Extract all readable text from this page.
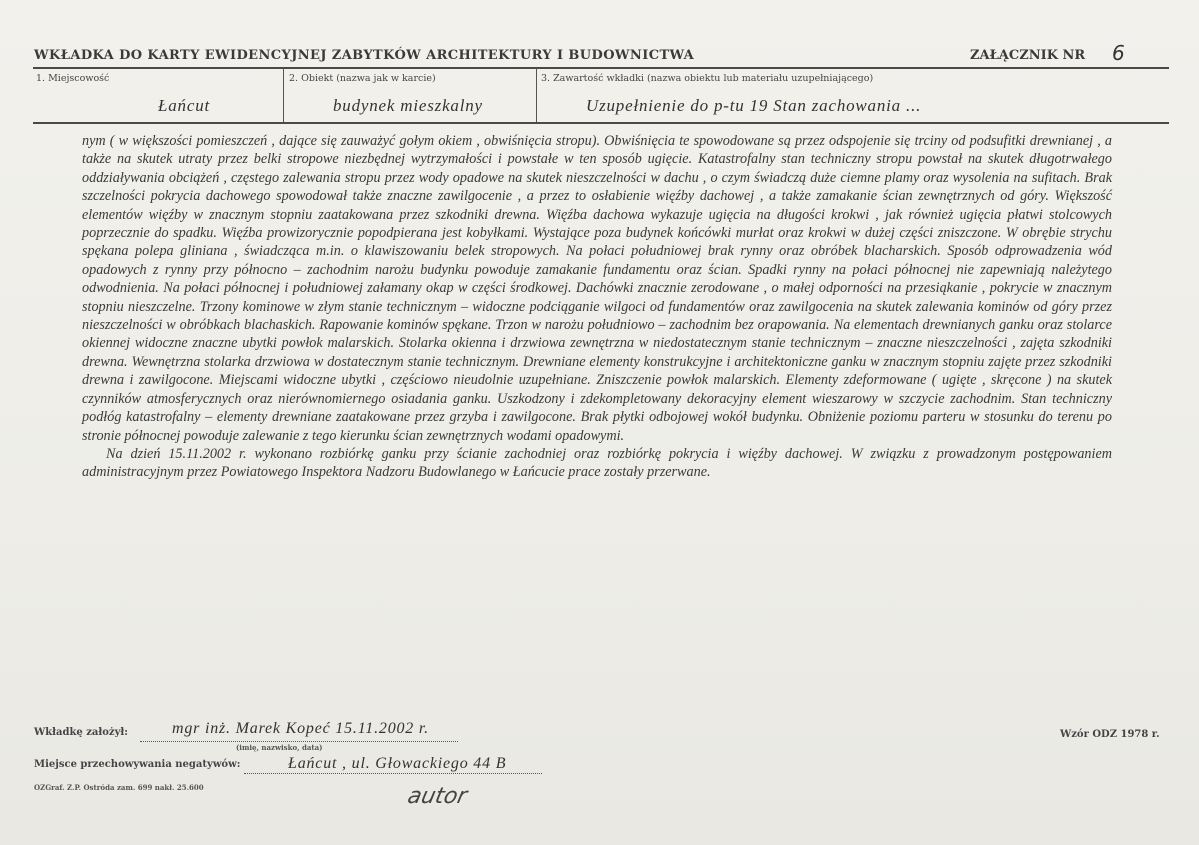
WKŁADKA DO KARTY EWIDENCYJNEJ ZABYTKÓW ARCHITEKTURY I BUDOWNICTWA	ZAŁĄCZNIK NR 6
1. Miejscowość
Łańcut
2. Obiekt (nazwa jak w karcie)
budynek mieszkalny
3. Zawartość wkładki (nazwa obiektu lub materiału uzupełniającego)
Uzupełnienie do p-tu 19 Stan zachowania ...

nym ( w większości pomieszczeń , dające się zauważyć gołym okiem , obwiśnięcia stropu). Obwiśnięcia te spowodowane są przez odspojenie się trciny od podsufitki drewnianej , a także na skutek utraty przez belki stropowe niezbędnej wytrzymałości i powstałe w ten sposób ugięcie. Katastrofalny stan techniczny stropu powstał na skutek długotrwałego oddziaływania obciążeń , częstego zalewania stropu przez wody opadowe na skutek nieszczelności w dachu , o czym świadczą duże ciemne plamy oraz wysolenia na sufitach. Brak szczelności pokrycia dachowego spowodował także znaczne zawilgocenie , a przez to osłabienie więźby dachowej , a także zamakanie ścian zewnętrznych od góry. Większość elementów więźby w znacznym stopniu zaatakowana przez szkodniki drewna. Więźba dachowa wykazuje ugięcia na długości krokwi , jak również ugięcia płatwi stolcowych poprzecznie do spadku. Więźba prowizorycznie popodpierana jest kobyłkami. Wystające poza budynek końcówki murłat oraz krokwi w dużej części zniszczone. W obrębie strychu spękana polepa gliniana , świadcząca m.in. o klawiszowaniu belek stropowych. Na połaci południowej brak rynny oraz obróbek blacharskich. Sposób odprowadzenia wód opadowych z rynny przy północno – zachodnim narożu budynku powoduje zamakanie fundamentu oraz ścian. Spadki rynny na połaci północnej nie zapewniają należytego odwodnienia. Na połaci północnej i południowej załamany okap w części środkowej. Dachówki znacznie zerodowane , o małej odporności na przesiąkanie , pokrycie w znacznym stopniu nieszczelne. Trzony kominowe w złym stanie technicznym – widoczne podciąganie wilgoci od fundamentów oraz zawilgocenia na skutek zalewania kominów od góry przez nieszczelności w obróbkach blachaskich. Rapowanie kominów spękane. Trzon w narożu południowo – zachodnim bez orapowania. Na elementach drewnianych ganku oraz stolarce okiennej widoczne znaczne ubytki powłok malarskich. Stolarka okienna i drzwiowa zewnętrzna w niedostatecznym stanie technicznym – znaczne nieszczelności , zajęta szkodniki drewna. Wewnętrzna stolarka drzwiowa w dostatecznym stanie technicznym. Drewniane elementy konstrukcyjne i architektoniczne ganku w znacznym stopniu zajęte przez szkodniki drewna i zawilgocone. Miejscami widoczne ubytki , częściowo nieudolnie uzupełniane. Zniszczenie powłok malarskich. Elementy zdeformowane ( ugięte , skręcone ) na skutek czynników atmosferycznych oraz nierównomiernego osiadania ganku. Uszkodzony i zdekompletowany dekoracyjny element wieszarowy w szczycie zachodnim. Stan techniczny podłóg katastrofalny – elementy drewniane zaatakowane przez grzyba i zawilgocone. Brak płytki odbojowej wokół budynku. Obniżenie poziomu parteru w stosunku do terenu po stronie północnej powoduje zalewanie z tego kierunku ścian zewnętrznych wodami opadowymi.

Na dzień 15.11.2002 r. wykonano rozbiórkę ganku przy ścianie zachodniej oraz rozbiórkę pokrycia i więźby dachowej. W związku z prowadzonym postępowaniem administracyjnym przez Powiatowego Inspektora Nadzoru Budowlanego w Łańcucie prace zostały przerwane.

Wkładkę założył:	mgr inż. Marek Kopeć 15.11.2002 r.
(imię, nazwisko, data)
Wzór ODZ 1978 r.
Miejsce przechowywania negatywów:	Łańcut , ul. Głowackiego 44 B
OZGraf. Z.P. Ostróda zam. 699 nakł. 25.600	autor
